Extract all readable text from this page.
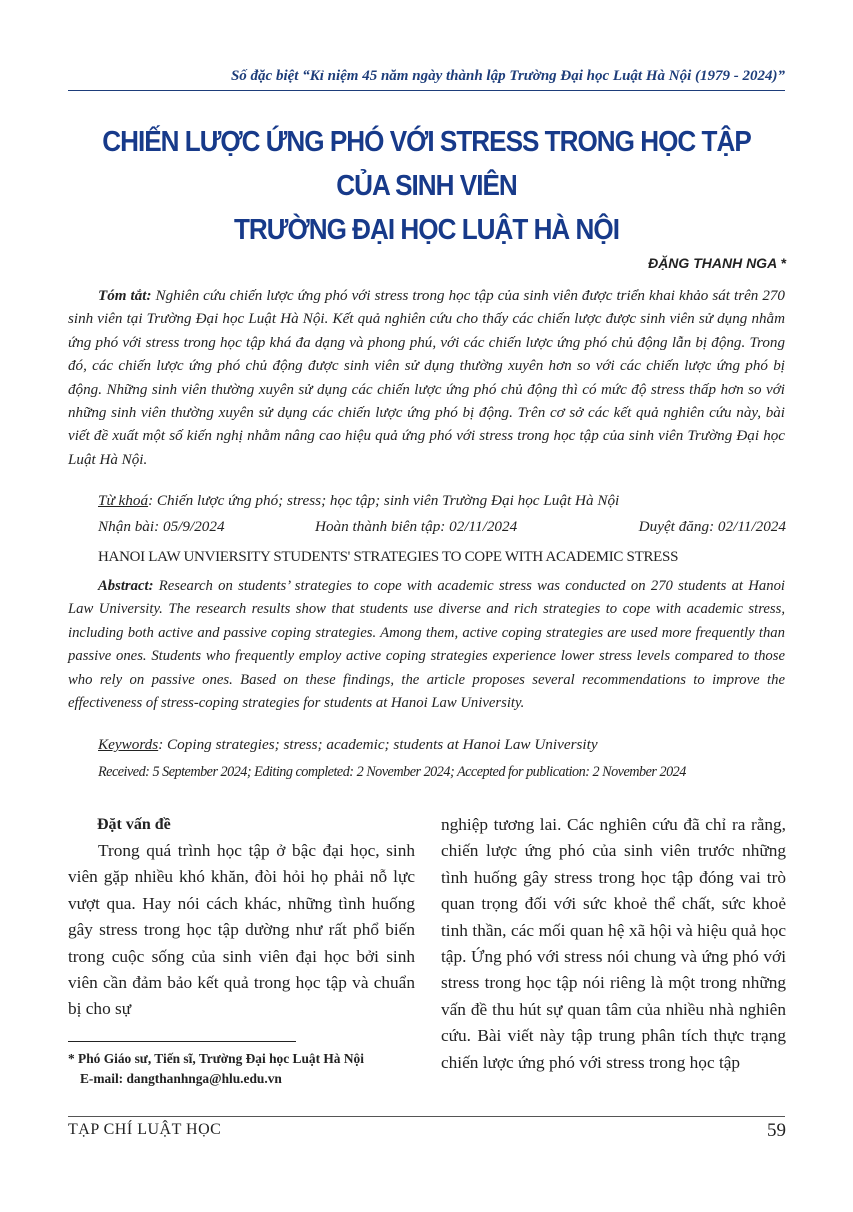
Số đặc biệt “Kỉ niệm 45 năm ngày thành lập Trường Đại học Luật Hà Nội (1979 - 2024)”
CHIẾN LƯỢC ỨNG PHÓ VỚI STRESS TRONG HỌC TẬP CỦA SINH VIÊN
TRƯỜNG ĐẠI HỌC LUẬT HÀ NỘI
ĐẶNG THANH NGA *
Tóm tắt: Nghiên cứu chiến lược ứng phó với stress trong học tập của sinh viên được triển khai khảo sát trên 270 sinh viên tại Trường Đại học Luật Hà Nội. Kết quả nghiên cứu cho thấy các chiến lược được sinh viên sử dụng nhằm ứng phó với stress trong học tập khá đa dạng và phong phú, với các chiến lược ứng phó chủ động lẫn bị động. Trong đó, các chiến lược ứng phó chủ động được sinh viên sử dụng thường xuyên hơn so với các chiến lược ứng phó bị động. Những sinh viên thường xuyên sử dụng các chiến lược ứng phó chủ động thì có mức độ stress thấp hơn so với những sinh viên thường xuyên sử dụng các chiến lược ứng phó bị động. Trên cơ sở các kết quả nghiên cứu này, bài viết đề xuất một số kiến nghị nhằm nâng cao hiệu quả ứng phó với stress trong học tập của sinh viên Trường Đại học Luật Hà Nội.
Từ khoá: Chiến lược ứng phó; stress; học tập; sinh viên Trường Đại học Luật Hà Nội
Nhận bài: 05/9/2024	Hoàn thành biên tập: 02/11/2024	Duyệt đăng: 02/11/2024
HANOI LAW UNVIERSITY STUDENTS' STRATEGIES TO COPE WITH ACADEMIC STRESS
Abstract: Research on students’ strategies to cope with academic stress was conducted on 270 students at Hanoi Law University. The research results show that students use diverse and rich strategies to cope with academic stress, including both active and passive coping strategies. Among them, active coping strategies are used more frequently than passive ones. Students who frequently employ active coping strategies experience lower stress levels compared to those who rely on passive ones. Based on these findings, the article proposes several recommendations to improve the effectiveness of stress-coping strategies for students at Hanoi Law University.
Keywords: Coping strategies; stress; academic; students at Hanoi Law University
Received: 5 September 2024; Editing completed: 2 November 2024; Accepted for publication: 2 November 2024
Đặt vấn đề
Trong quá trình học tập ở bậc đại học, sinh viên gặp nhiều khó khăn, đòi hỏi họ phải nỗ lực vượt qua. Hay nói cách khác, những tình huống gây stress trong học tập dường như rất phổ biến trong cuộc sống của sinh viên đại học bởi sinh viên cần đảm bảo kết quả trong học tập và chuẩn bị cho sự
nghiệp tương lai. Các nghiên cứu đã chỉ ra rằng, chiến lược ứng phó của sinh viên trước những tình huống gây stress trong học tập đóng vai trò quan trọng đối với sức khoẻ thể chất, sức khoẻ tinh thần, các mối quan hệ xã hội và hiệu quả học tập. Ứng phó với stress nói chung và ứng phó với stress trong học tập nói riêng là một trong những vấn đề thu hút sự quan tâm của nhiều nhà nghiên cứu. Bài viết này tập trung phân tích thực trạng chiến lược ứng phó với stress trong học tập
* Phó Giáo sư, Tiến sĩ, Trường Đại học Luật Hà Nội
E-mail: dangthanhnga@hlu.edu.vn
TẠP CHÍ LUẬT HỌC	59
